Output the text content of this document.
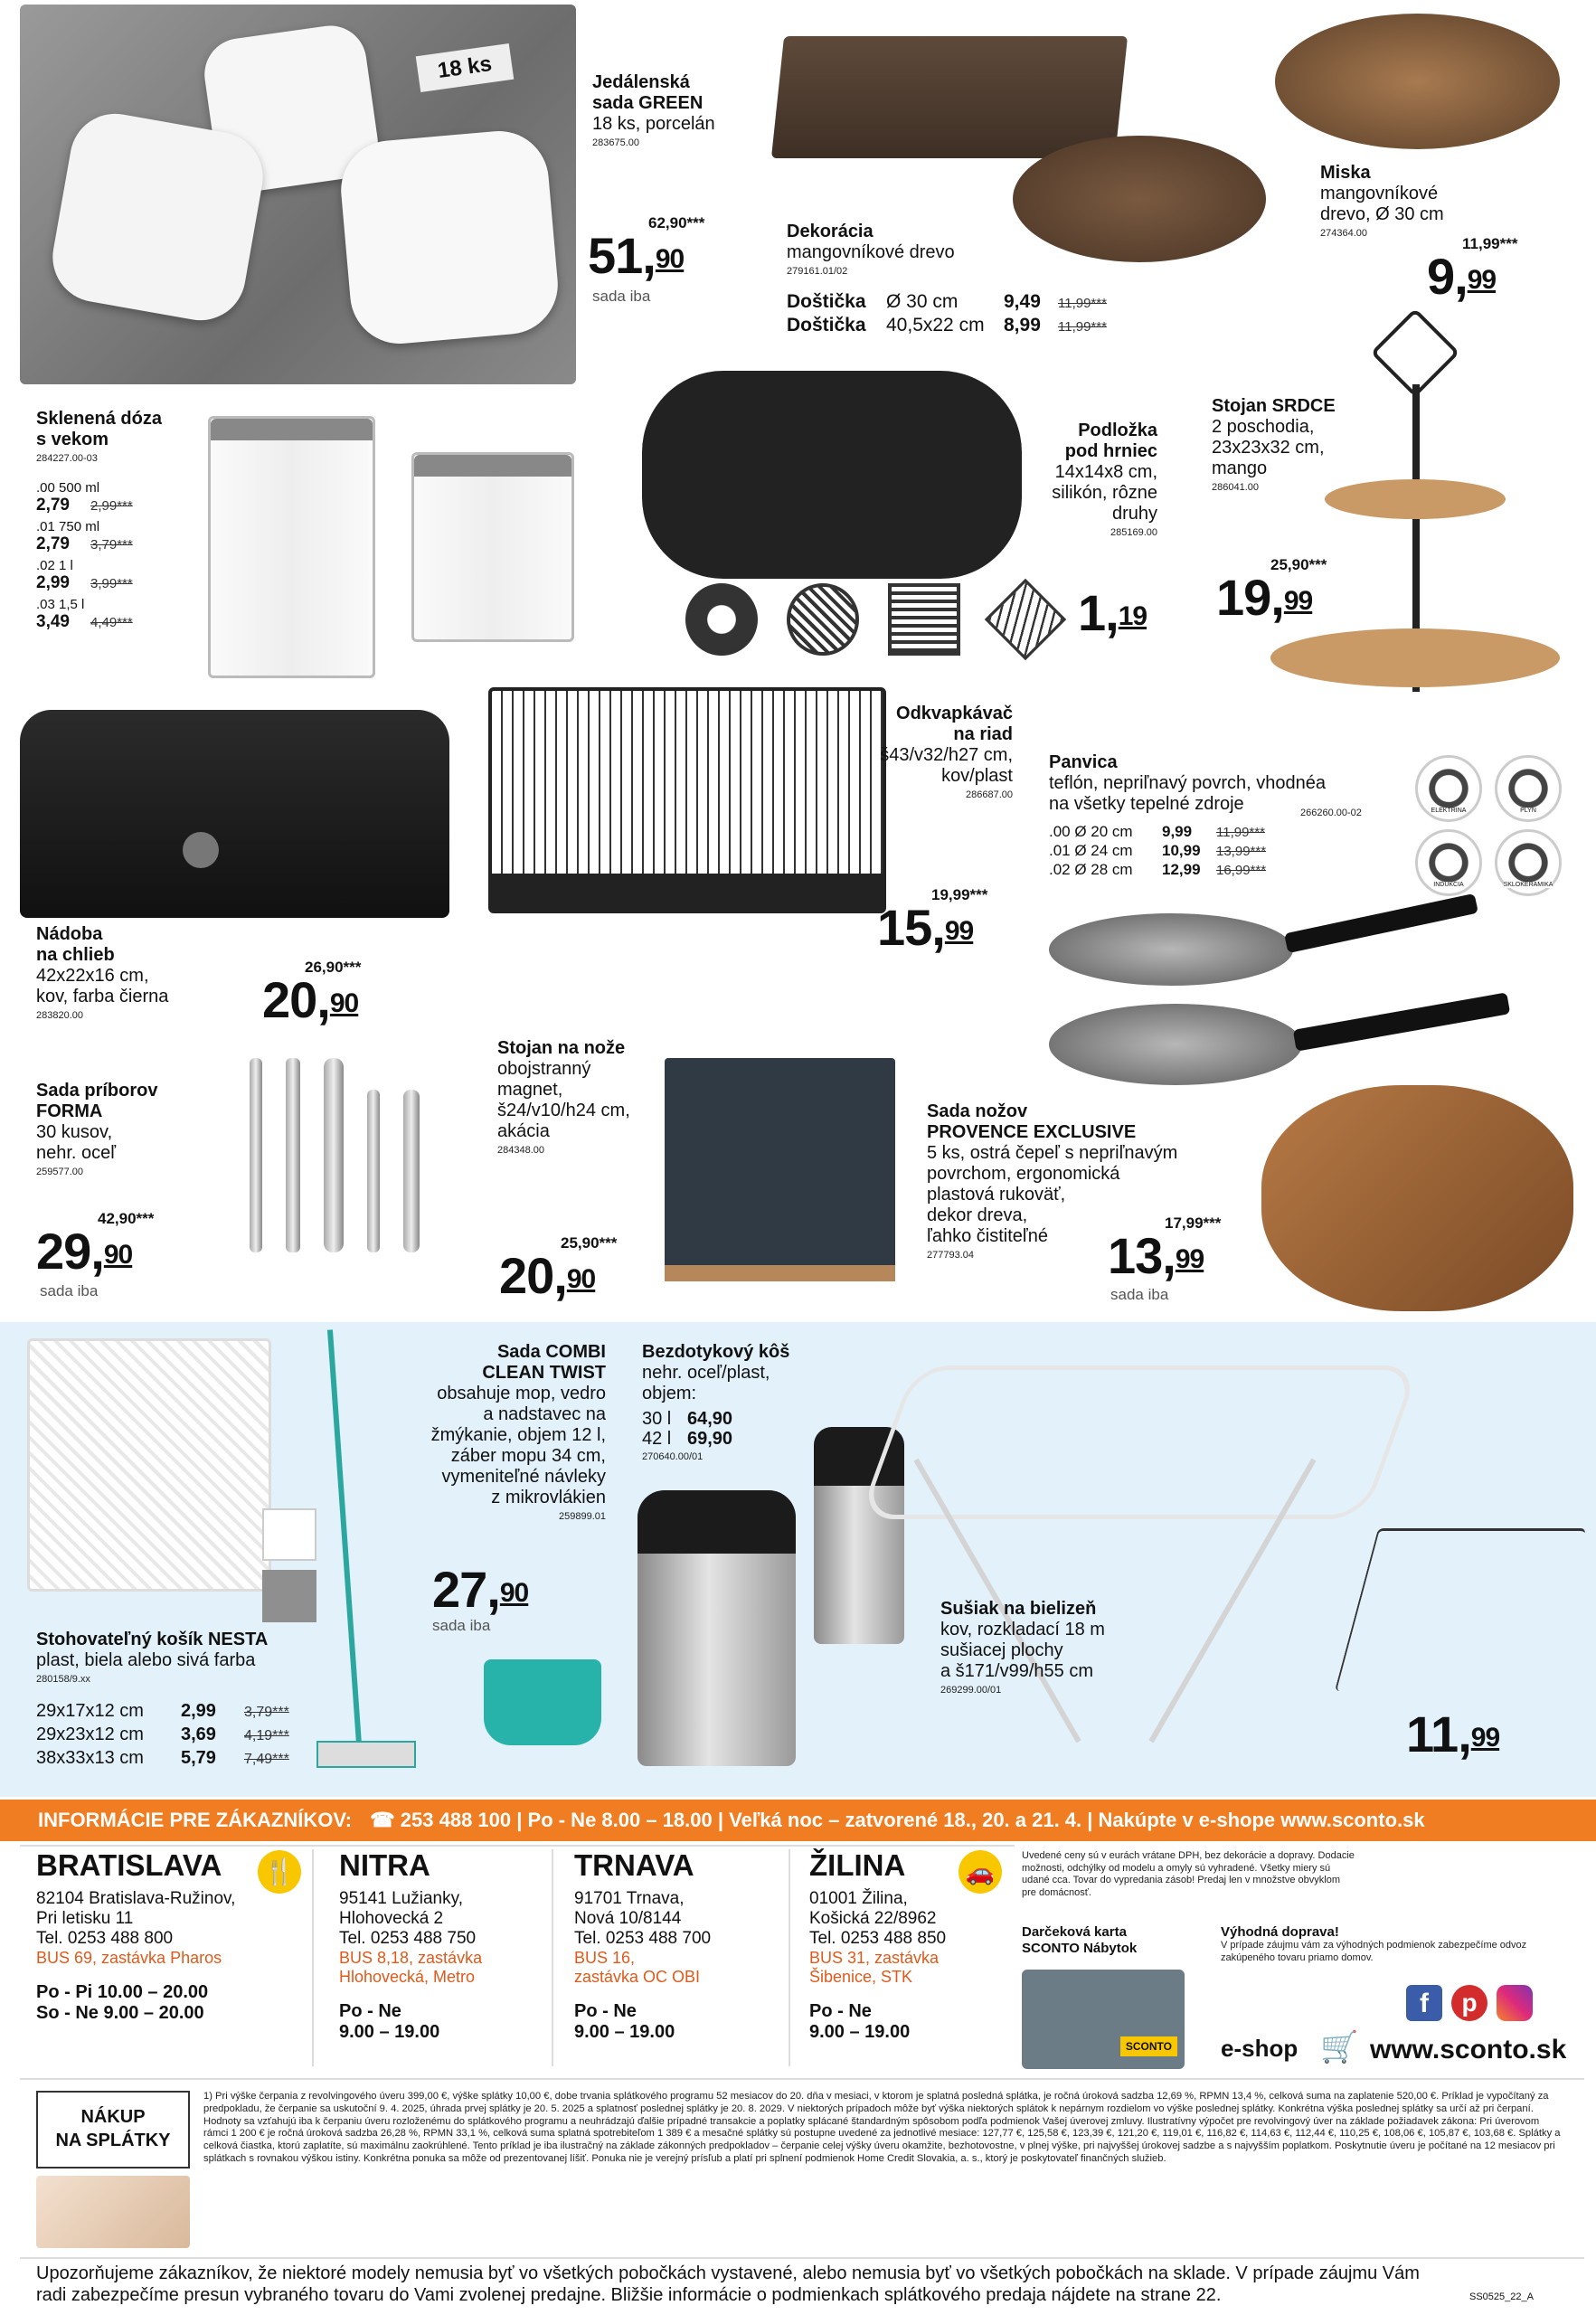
18 ks	Jedálenská
sada GREEN
18 ks, porcelán
283675.00
62,90***
51,90
sada iba
Dekorácia
mangovníkové drevo
279161.01/02
Doštička Ø 30 cm 9,49 11,99***
Doštička 40,5x22 cm 8,99 11,99***
Miska
mangovníkové
drevo, Ø 30 cm
274364.00
11,99***
9,99
Sklenená dóza
s vekom
284227.00-03
.00 500 ml
2,79 2,99***
.01 750 ml
2,79 3,79***
.02 1 l
2,99 3,99***
.03 1,5 l
3,49 4,49***
Podložka
pod hrniec
14x14x8 cm,
silikón, rôzne
druhy
285169.00
1,19
Stojan SRDCE
2 poschodia,
23x23x32 cm,
mango
286041.00
25,90***
19,99
Nádoba
na chlieb
42x22x16 cm,
kov, farba čierna
283820.00
26,90***
20,90
Odkvapkávač
na riad
š43/v32/h27 cm,
kov/plast
286687.00
19,99***
15,99
Panvica
teflón, nepriľnavý povrch, vhodnéa
na všetky tepelné zdroje	266260.00-02
.00 Ø 20 cm 9,99 11,99***
.01 Ø 24 cm 10,99 13,99***
.02 Ø 28 cm 12,99 16,99***
ELEKTRINA	PLYN
INDUKCIA	SKLOKERAMIKA
Sada príborov
FORMA
30 kusov,
nehr. oceľ
259577.00
42,90***
29,90
sada iba
Stojan na nože
obojstranný
magnet,
š24/v10/h24 cm,
akácia
284348.00
25,90***
20,90
Sada nožov
PROVENCE EXCLUSIVE
5 ks, ostrá čepeľ s nepriľnavým
povrchom, ergonomická
plastová rukoväť,
dekor dreva,
ľahko čistiteľné
277793.04
17,99***
13,99
sada iba
Stohovateľný košík NESTA
plast, biela alebo sivá farba
280158/9.xx
29x17x12 cm 2,99 3,79***
29x23x12 cm 3,69 4,19***
38x33x13 cm 5,79 7,49***
Sada COMBI
CLEAN TWIST
obsahuje mop, vedro
a nadstavec na
žmýkanie, objem 12 l,
záber mopu 34 cm,
vymeniteľné návleky
z mikrovlákien
259899.01
27,90
sada iba
Bezdotykový kôš
nehr. oceľ/plast,
objem:
30 l 64,90
42 l 69,90
270640.00/01
Sušiak na bielizeň
kov, rozkladací 18 m
sušiacej plochy
a š171/v99/h55 cm
269299.00/01
11,99
INFORMÁCIE PRE ZÁKAZNÍKOV: ☎ 253 488 100 | Po - Ne 8.00 – 18.00 | Veľká noc – zatvorené 18., 20. a 21. 4. | Nakúpte v e-shope www.sconto.sk
BRATISLAVA
82104 Bratislava-Ružinov,
Pri letisku 11
Tel. 0253 488 800
BUS 69, zastávka Pharos
Po - Pi 10.00 – 20.00
So - Ne 9.00 – 20.00
🍴 NITRA
95141 Lužianky,
Hlohovecká 2
Tel. 0253 488 750
BUS 8,18, zastávka
Hlohovecká, Metro
Po - Ne
9.00 – 19.00
TRNAVA
91701 Trnava,
Nová 10/8144
Tel. 0253 488 700
BUS 16,
zastávka OC OBI
Po - Ne
9.00 – 19.00
ŽILINA
01001 Žilina,
Košická 22/8962
Tel. 0253 488 850
BUS 31, zastávka
Šibenice, STK
Po - Ne
9.00 – 19.00
🚗
Uvedené ceny sú v eurách vrátane DPH, bez dekorácie a dopravy. Dodacie možnosti, odchýlky od modelu a omyly sú vyhradené. Všetky miery sú udané cca. Tovar do vypredania zásob! Predaj len v množstve obvyklom pre domácnosť.
Darčeková karta
SCONTO Nábytok
SCONTO
Výhodná doprava!
V prípade záujmu vám za výhodných podmienok zabezpečíme odvoz zakúpeného tovaru priamo domov.
f	p
e-shop 🛒 www.sconto.sk
NÁKUP
NA SPLÁTKY
1) Pri výške čerpania z revolvingového úveru 399,00 €, výške splátky 10,00 €, dobe trvania splátkového programu 52 mesiacov do 20. dňa v mesiaci, v ktorom je splatná posledná splátka, je ročná úroková sadzba 12,69 %, RPMN 13,4 %, celková suma na zaplatenie 520,00 €. Príklad je vypočítaný za predpokladu, že čerpanie sa uskutoční 9. 4. 2025, úhrada prvej splátky je 20. 5. 2025 a splatnosť poslednej splátky je 20. 8. 2029. V niektorých prípadoch môže byť výška niektorých splátok k nepárnym rozdielom vo výške poslednej splátky. Konkrétna výška poslednej splátky sa určí až pri čerpaní. Hodnoty sa vzťahujú iba k čerpaniu úveru rozloženému do splátkového programu a neuhrádzajú ďalšie prípadné transakcie a poplatky splácané štandardným spôsobom podľa podmienok Vašej úverovej zmluvy. Ilustratívny výpočet pre revolvingový úver na základe požiadavek zákona: Pri úverovom rámci 1 200 € je ročná úroková sadzba 26,28 %, RPMN 33,1 %, celková suma splatná spotrebiteľom 1 389 € a mesačné splátky sú postupne uvedené za jednotlivé mesiace: 127,77 €, 125,58 €, 123,39 €, 121,20 €, 119,01 €, 116,82 €, 114,63 €, 112,44 €, 110,25 €, 108,06 €, 105,87 €, 103,68 €. Splátky a celková čiastka, ktorú zaplatíte, sú maximálnu zaokrúhlené. Tento príklad je iba ilustračný na základe zákonných predpokladov – čerpanie celej výšky úveru okamžite, bezhotovostne, v plnej výške, pri najvyššej úrokovej sadzbe a s najvyšším poplatkom. Poskytnutie úveru je počítané na 12 mesiacov pri splátkach s rovnakou výškou istiny. Konkrétna ponuka sa môže od prezentovanej líšiť. Ponuka nie je verejný prísľub a platí pri splnení podmienok Home Credit Slovakia, a. s., ktorý je poskytovateľ finančných služieb.
Upozorňujeme zákazníkov, že niektoré modely nemusia byť vo všetkých pobočkách vystavené, alebo nemusia byť vo všetkých pobočkách na sklade. V prípade záujmu Vám radi zabezpečíme presun vybraného tovaru do Vami zvolenej predajne. Bližšie informácie o podmienkach splátkového predaja nájdete na strane 22.	SS0525_22_A
